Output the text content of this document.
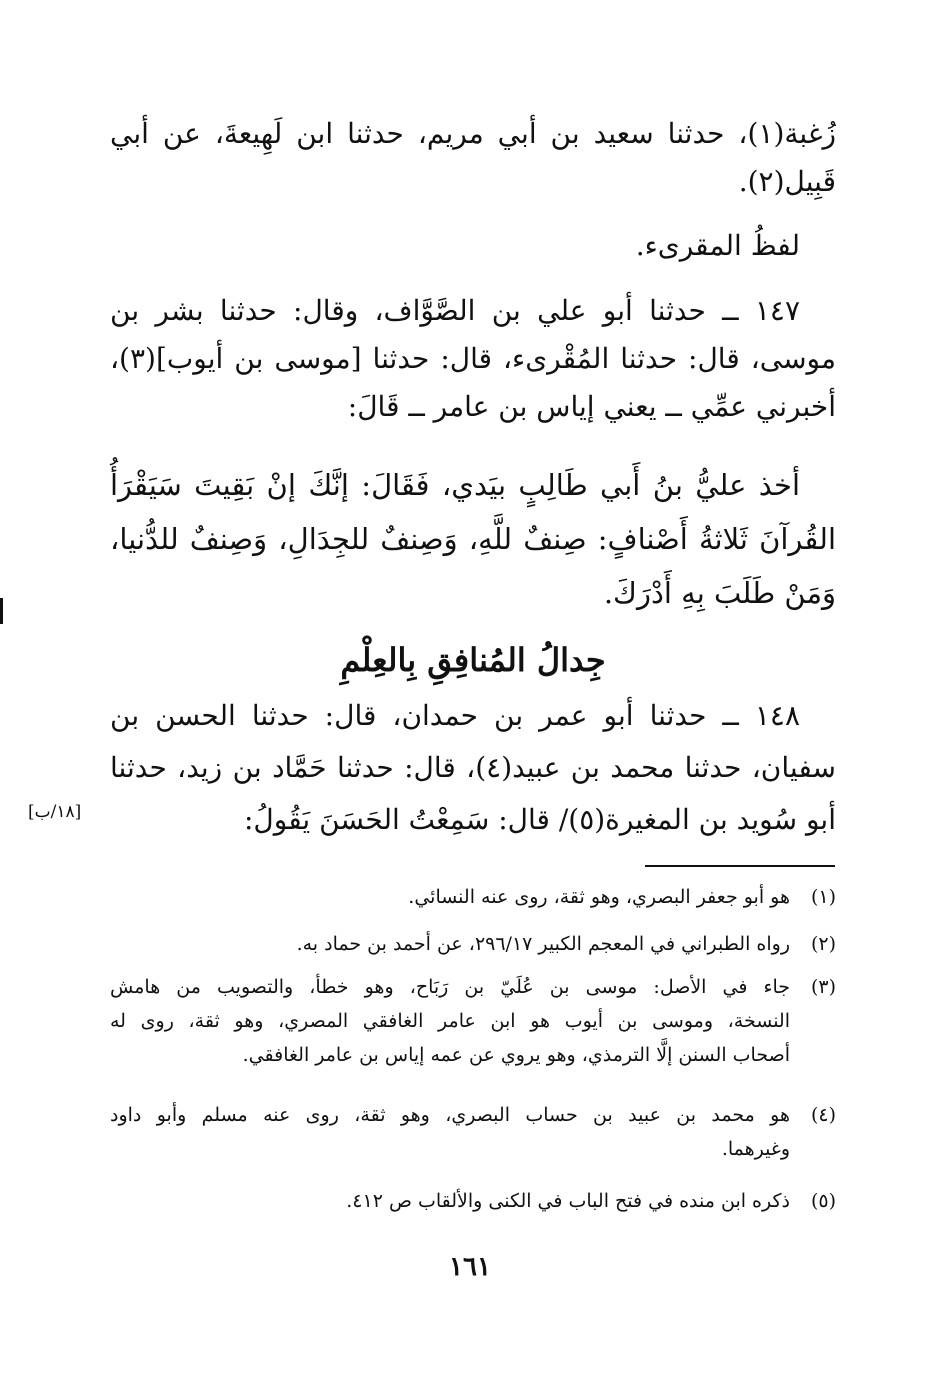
زُغبة(١)، حدثنا سعيد بن أبي مريم، حدثنا ابن لَهِيعةَ، عن أبي
قَبِيل(٢).
لفظُ المقرىء.
١٤٧ ــ حدثنا أبو علي بن الصَّوَّاف، وقال: حدثنا بشر بن
موسى، قال: حدثنا المُقْرىء، قال: حدثنا [موسى بن أيوب](٣)،
أخبرني عمِّي ــ يعني إياس بن عامر ــ قَالَ:
أخذ عليُّ بنُ أَبي طَالِبٍ بيَدي، فَقَالَ: إنَّكَ إنْ بَقِيتَ سَيَقْرَأُ
القُرآنَ ثَلاثةُ أَصْنافٍ: صِنفٌ للَّهِ، وَصِنفٌ للجِدَالِ، وَصِنفٌ للدُّنيا،
وَمَنْ طَلَبَ بِهِ أَدْرَكَ.
جِدالُ المُنافِقِ بِالعِلْمِ
١٤٨ ــ حدثنا أبو عمر بن حمدان، قال: حدثنا الحسن بن
سفيان، حدثنا محمد بن عبيد(٤)، قال: حدثنا حَمَّاد بن زيد، حدثنا
أبو سُويد بن المغيرة(٥)/ قال: سَمِعْتُ الحَسَنَ يَقُولُ:
[١٨/ب]
(١)
هو أبو جعفر البصري، وهو ثقة، روى عنه النسائي.
(٢)
رواه الطبراني في المعجم الكبير ٢٩٦/١٧، عن أحمد بن حماد به.
(٣)
جاء في الأصل: موسى بن عُلَيّ بن رَبَاح، وهو خطأ، والتصويب من هامش
النسخة، وموسى بن أيوب هو ابن عامر الغافقي المصري، وهو ثقة، روى له
أصحاب السنن إلَّا الترمذي، وهو يروي عن عمه إياس بن عامر الغافقي.
(٤)
هو محمد بن عبيد بن حساب البصري، وهو ثقة، روى عنه مسلم وأبو داود
وغيرهما.
(٥)
ذكره ابن منده في فتح الباب في الكنى والألقاب ص ٤١٢.
١٦١
